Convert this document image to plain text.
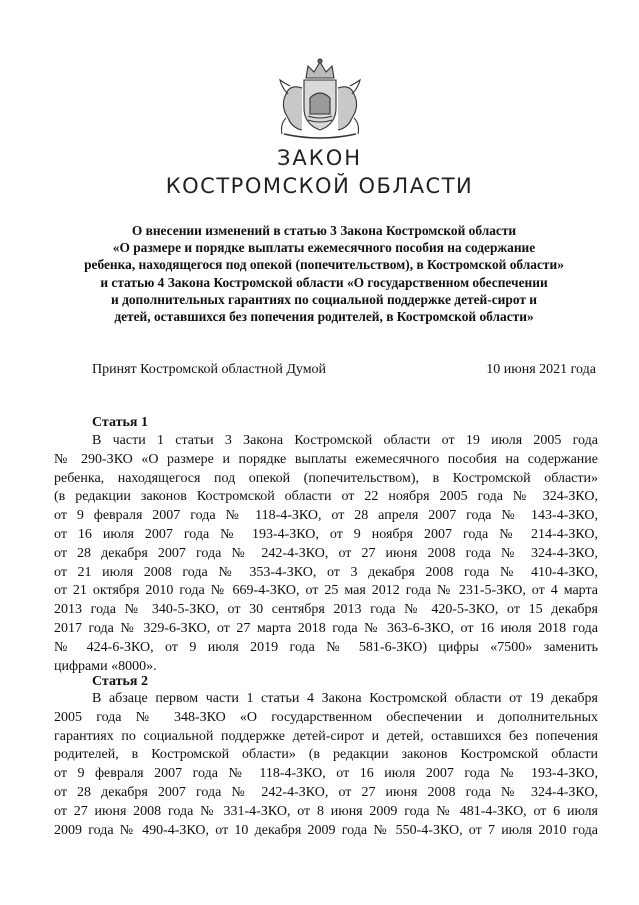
ЗАКОН
КОСТРОМСКОЙ ОБЛАСТИ
О внесении изменений в статью 3 Закона Костромской области
«О размере и порядке выплаты ежемесячного пособия на содержание
ребенка, находящегося под опекой (попечительством), в Костромской области»
и статью 4 Закона Костромской области «О государственном обеспечении
и дополнительных гарантиях по социальной поддержке детей-сирот и
детей, оставшихся без попечения родителей, в Костромской области»
Принят Костромской областной Думой	10 июня 2021 года
Статья 1
В части 1 статьи 3 Закона Костромской области от 19 июля 2005 года
№ 290-ЗКО «О размере и порядке выплаты ежемесячного пособия на содержание
ребенка, находящегося под опекой (попечительством), в Костромской области»
(в редакции законов Костромской области от 22 ноября 2005 года № 324-ЗКО,
от 9 февраля 2007 года № 118-4-ЗКО, от 28 апреля 2007 года № 143-4-ЗКО,
от 16 июля 2007 года № 193-4-ЗКО, от 9 ноября 2007 года № 214-4-ЗКО,
от 28 декабря 2007 года № 242-4-ЗКО, от 27 июня 2008 года № 324-4-ЗКО,
от 21 июля 2008 года № 353-4-ЗКО, от 3 декабря 2008 года № 410-4-ЗКО,
от 21 октября 2010 года № 669-4-ЗКО, от 25 мая 2012 года № 231-5-ЗКО, от 4 марта
2013 года № 340-5-ЗКО, от 30 сентября 2013 года № 420-5-ЗКО, от 15 декабря
2017 года № 329-6-ЗКО, от 27 марта 2018 года № 363-6-ЗКО, от 16 июля 2018 года
№ 424-6-ЗКО, от 9 июля 2019 года № 581-6-ЗКО) цифры «7500» заменить
цифрами «8000».
Статья 2
В абзаце первом части 1 статьи 4 Закона Костромской области от 19 декабря
2005 года № 348-ЗКО «О государственном обеспечении и дополнительных
гарантиях по социальной поддержке детей-сирот и детей, оставшихся без попечения
родителей, в Костромской области» (в редакции законов Костромской области
от 9 февраля 2007 года № 118-4-ЗКО, от 16 июля 2007 года № 193-4-ЗКО,
от 28 декабря 2007 года № 242-4-ЗКО, от 27 июня 2008 года № 324-4-ЗКО,
от 27 июня 2008 года № 331-4-ЗКО, от 8 июня 2009 года № 481-4-ЗКО, от 6 июля
2009 года № 490-4-ЗКО, от 10 декабря 2009 года № 550-4-ЗКО, от 7 июля 2010 года
